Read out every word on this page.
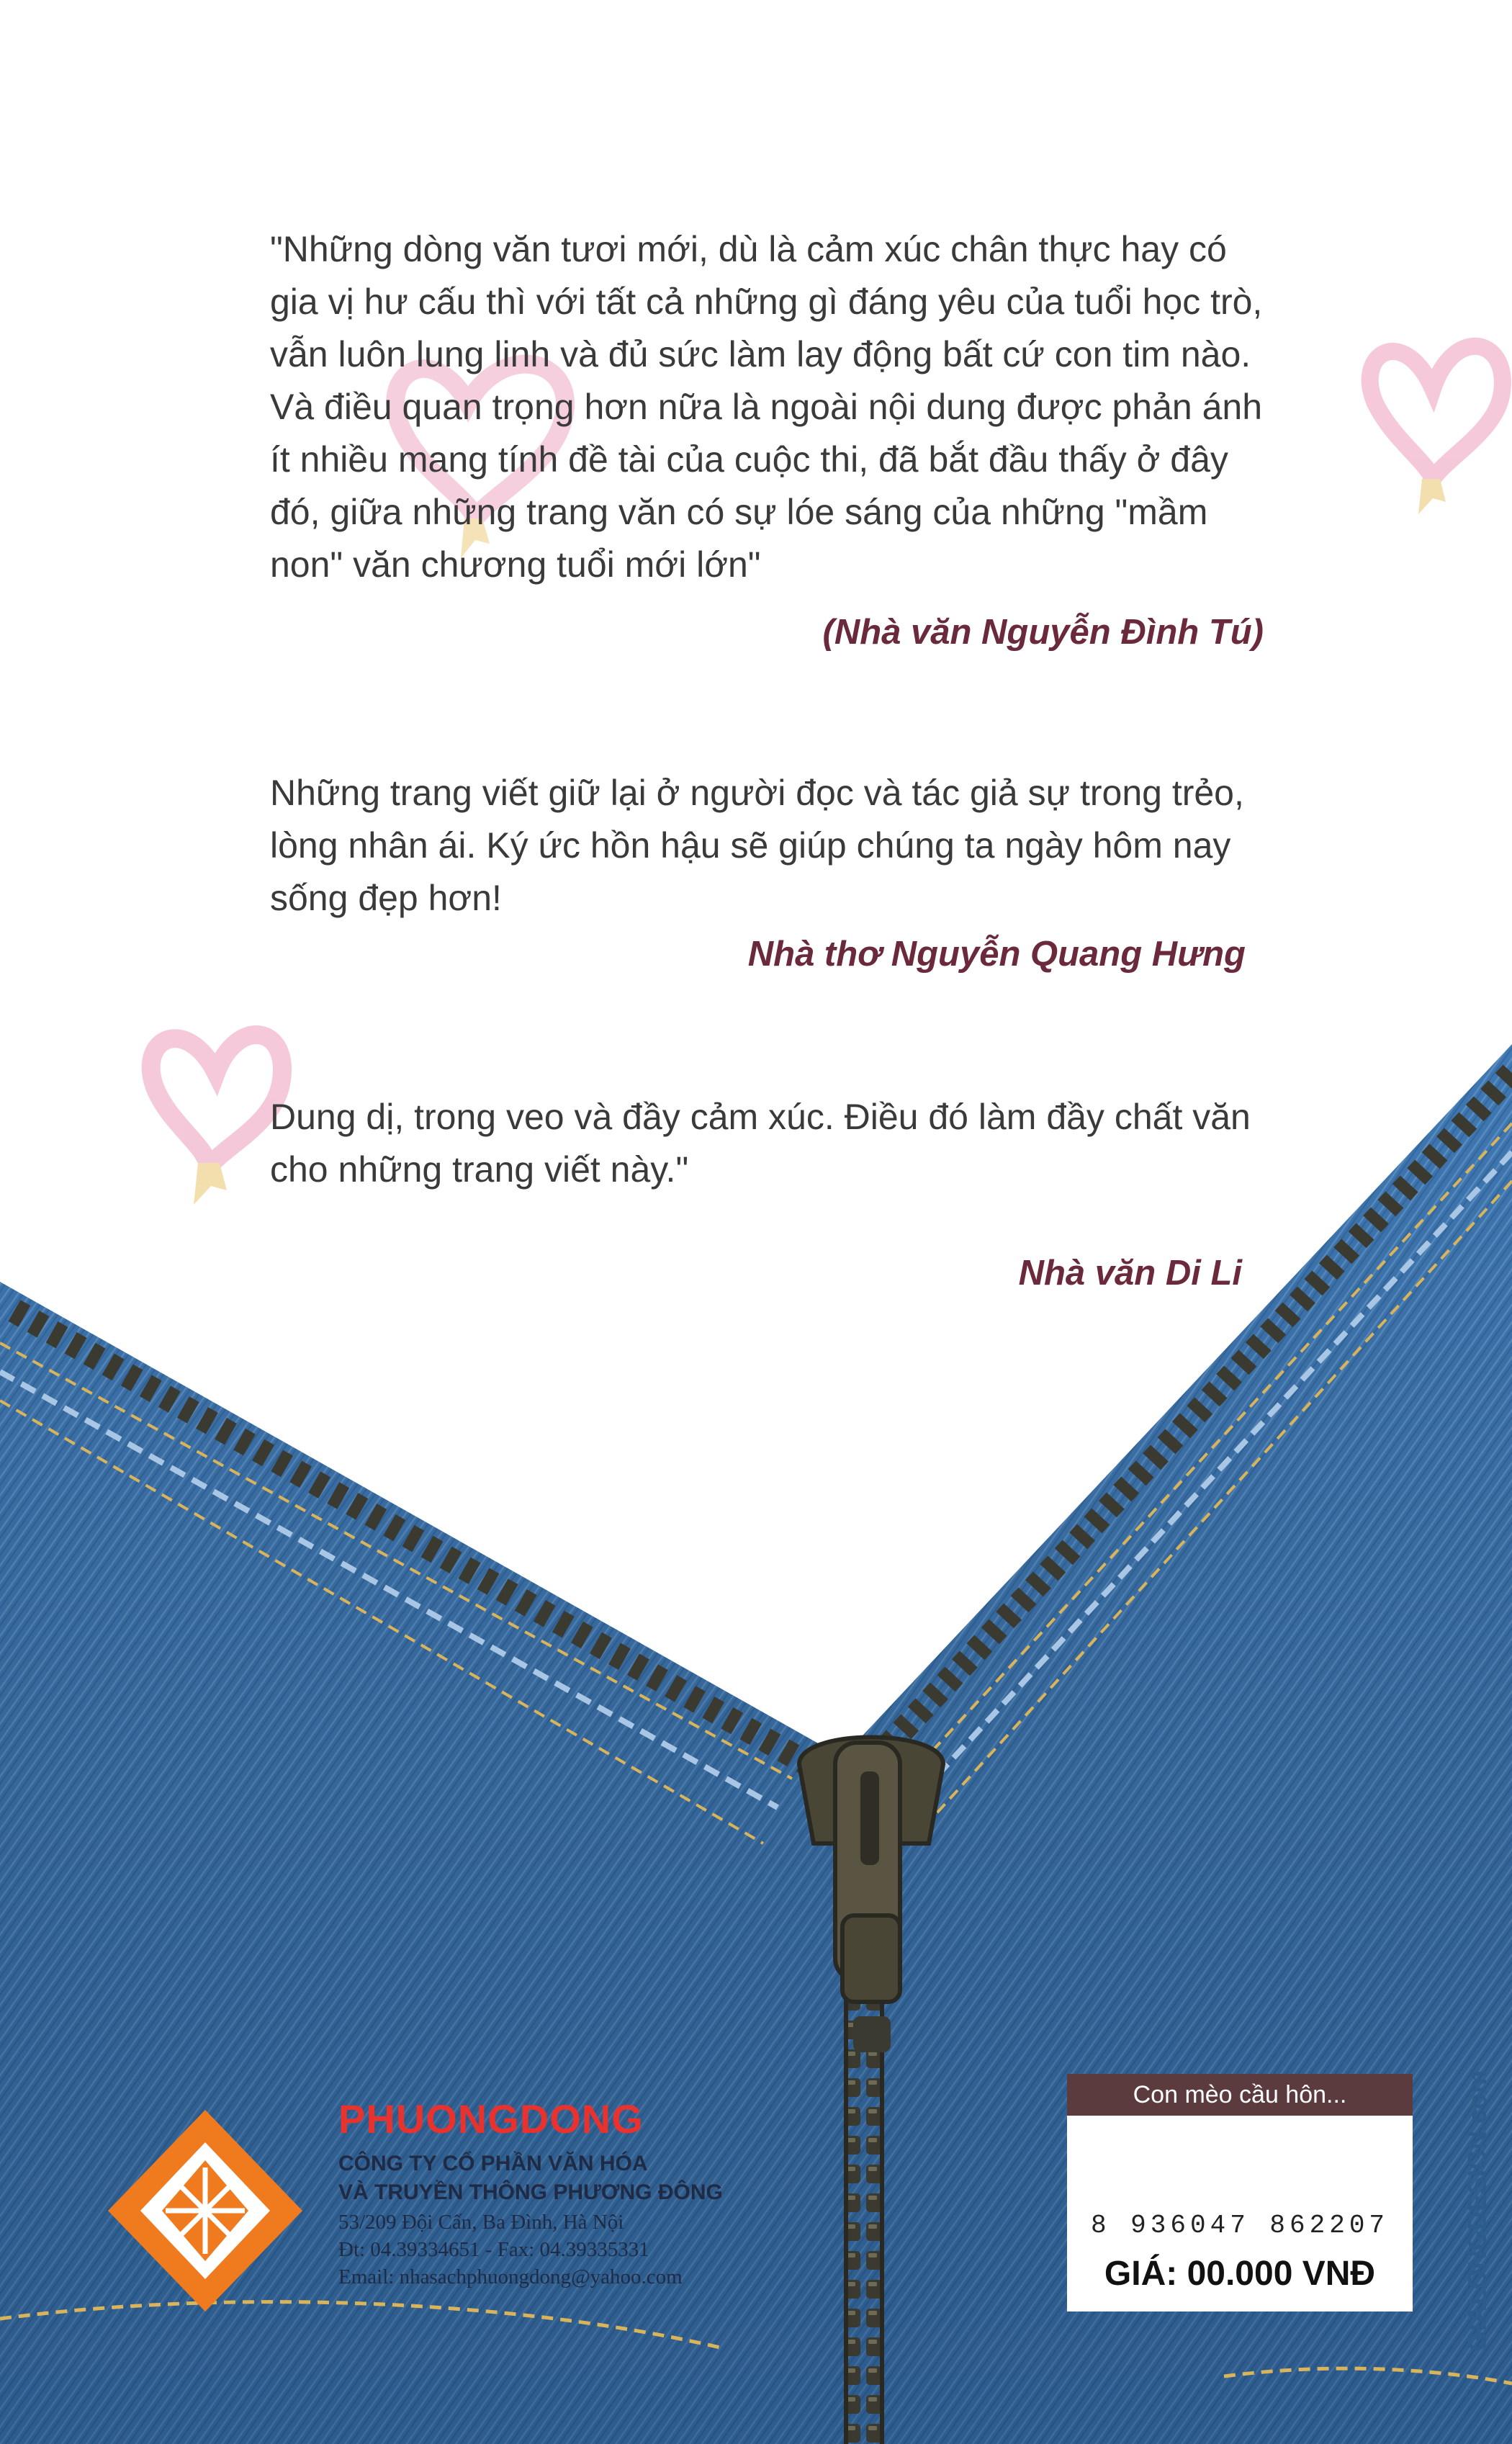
"Những dòng văn tươi mới, dù là cảm xúc chân thực hay có
gia vị hư cấu thì với tất cả những gì đáng yêu của tuổi học trò,
vẫn luôn lung linh và đủ sức làm lay động bất cứ con tim nào.
Và điều quan trọng hơn nữa là ngoài nội dung được phản ánh
ít nhiều mang tính đề tài của cuộc thi, đã bắt đầu thấy ở đây
đó, giữa những trang văn có sự lóe sáng của những "mầm
non" văn chương tuổi mới lớn"
(Nhà văn Nguyễn Đình Tú)
Những trang viết giữ lại ở người đọc và tác giả sự trong trẻo,
lòng nhân ái. Ký ức hồn hậu sẽ giúp chúng ta ngày hôm nay
sống đẹp hơn!
Nhà thơ Nguyễn Quang Hưng
Dung dị, trong veo và đầy cảm xúc. Điều đó làm đầy chất văn
cho những trang viết này."
Nhà văn Di Li
PHUONGDONG
CÔNG TY CỔ PHẦN VĂN HÓA
VÀ TRUYỀN THÔNG PHƯƠNG ĐÔNG
53/209 Đội Cấn, Ba Đình, Hà Nội
Đt: 04.39334651 - Fax: 04.39335331
Email: nhasachphuongdong@yahoo.com
Con mèo cầu hôn...
8 936047 862207
GIÁ: 00.000 VNĐ	GIALONGDESIGN.com
